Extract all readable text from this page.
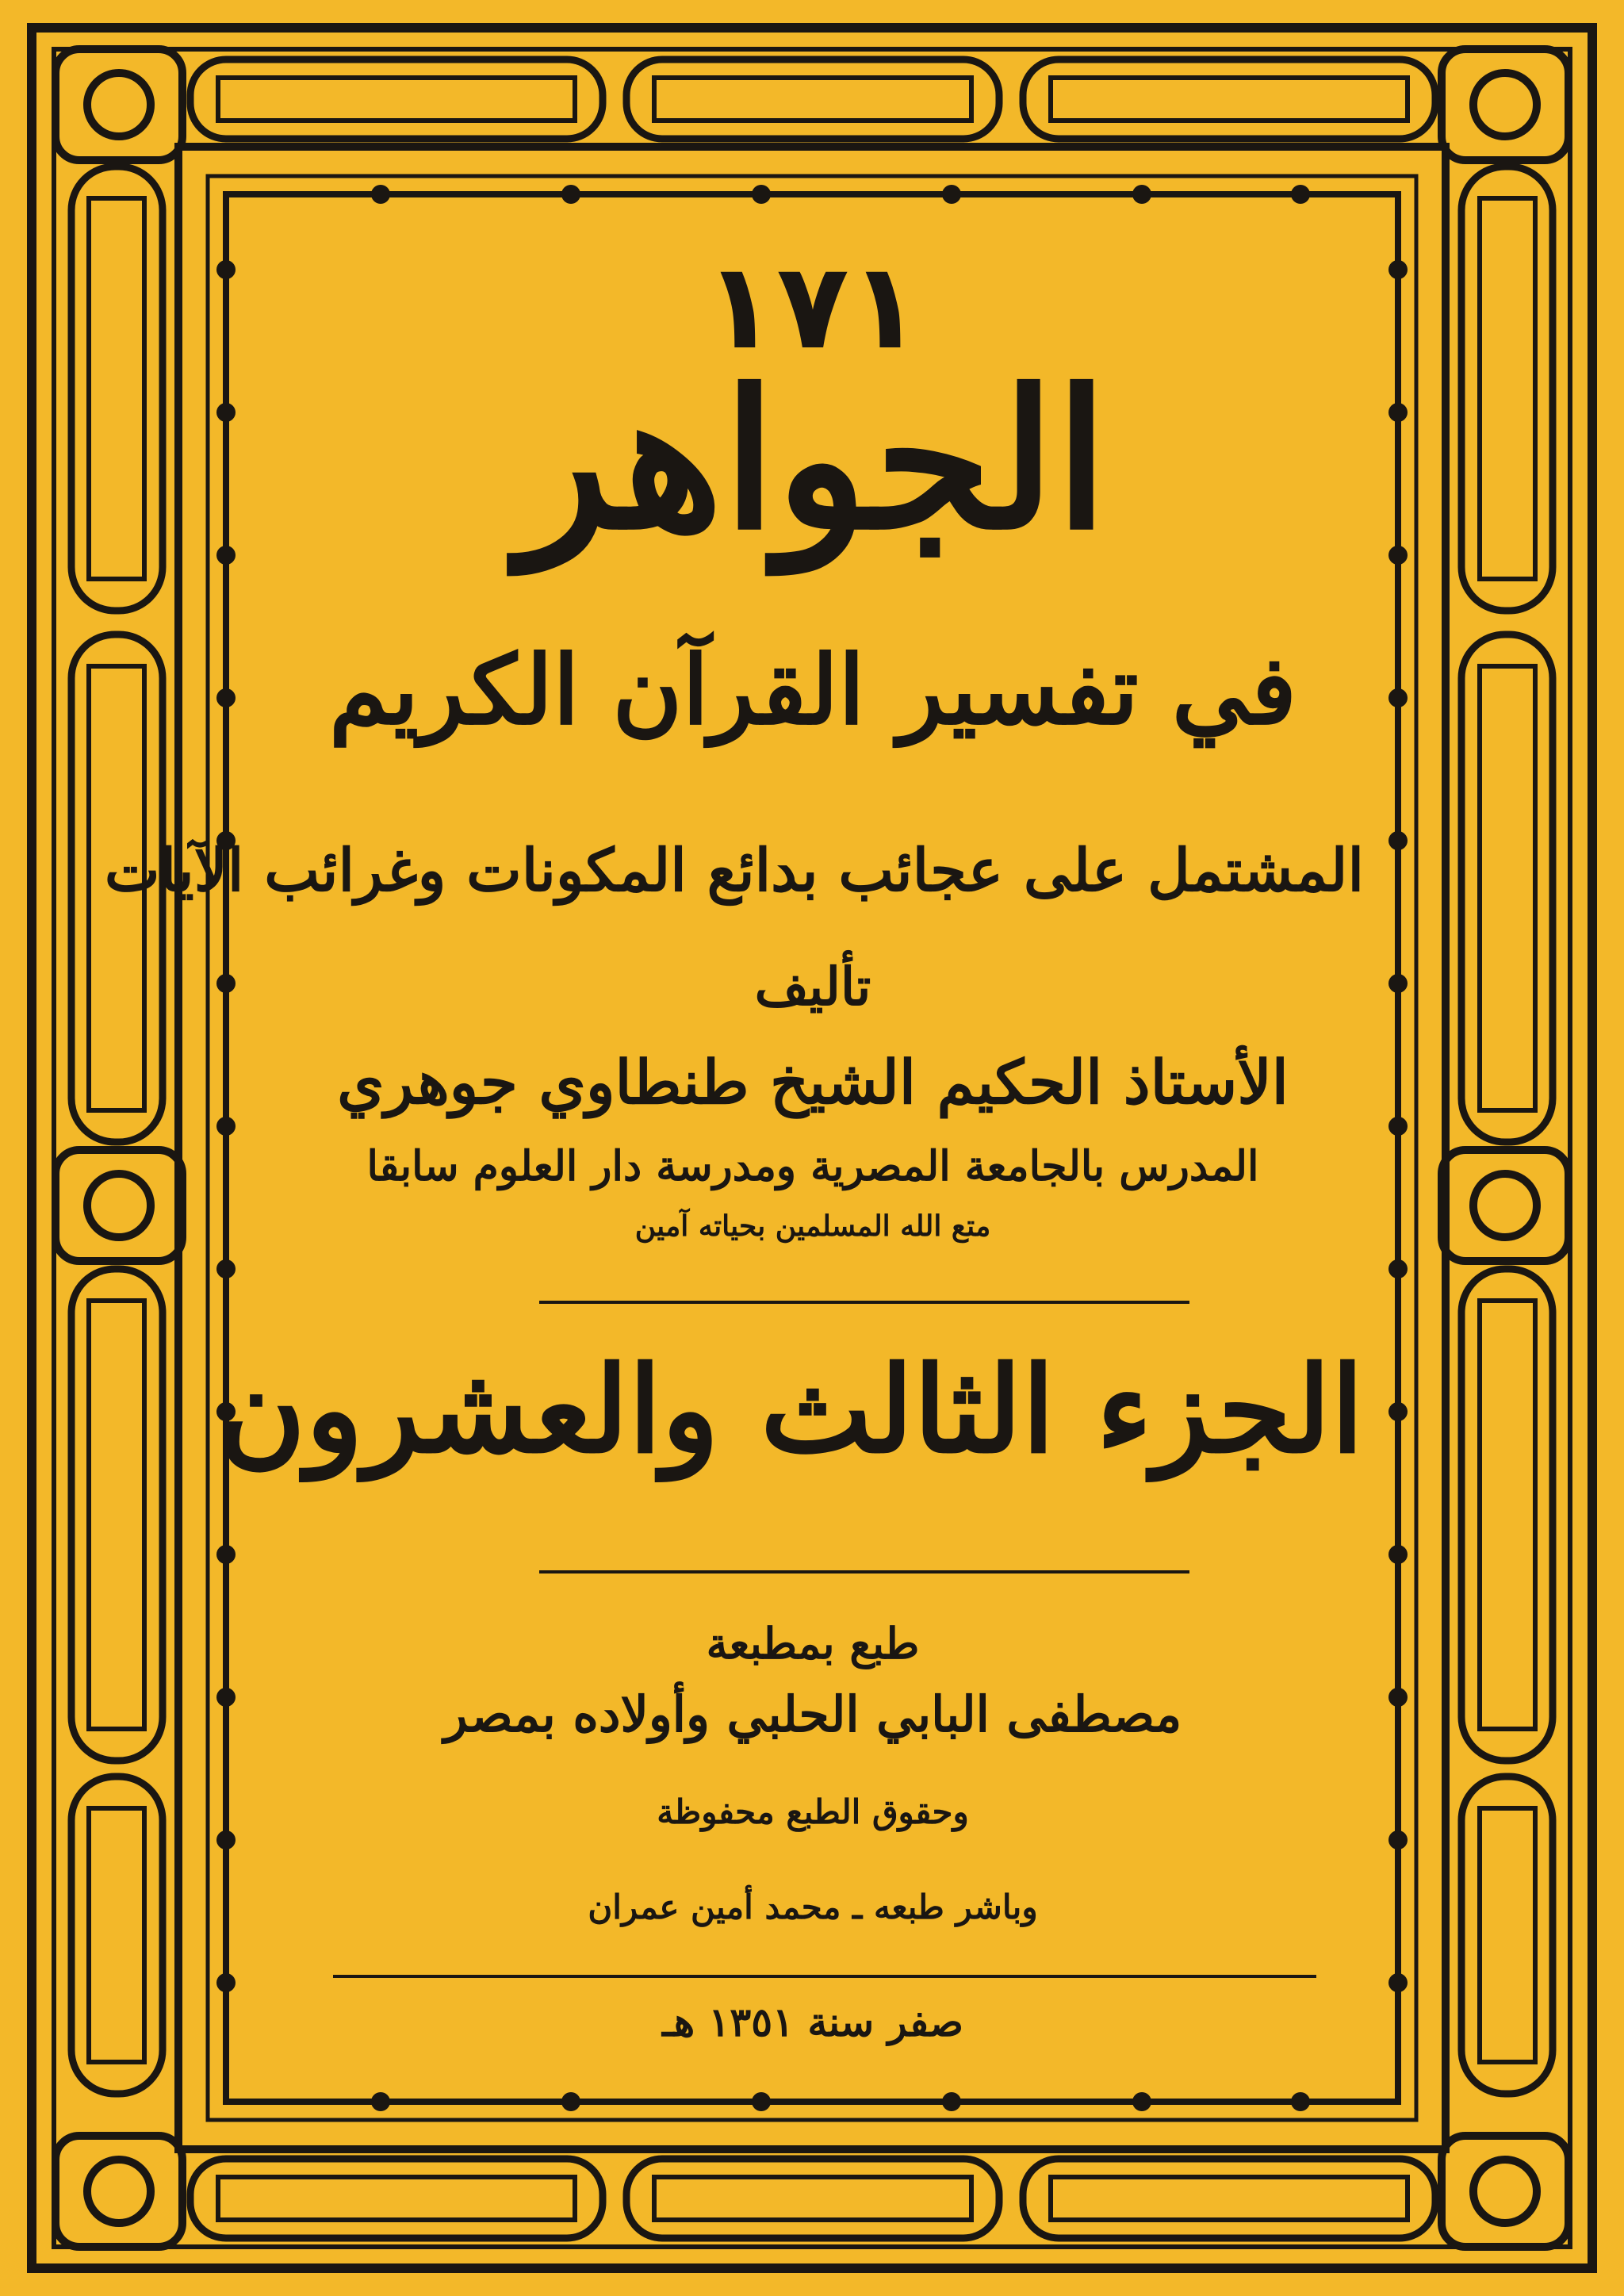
١٧١
الجواهر
في تفسير القرآن الكريم
المشتمل على عجائب بدائع المكونات وغرائب الآيات
تأليف
الأستاذ الحكيم الشيخ طنطاوي جوهري
المدرس بالجامعة المصرية ومدرسة دار العلوم سابقا
متع الله المسلمين بحياته آمين
الجزء الثالث والعشرون
طبع بمطبعة
مصطفى البابي الحلبي وأولاده بمصر
وحقوق الطبع محفوظة
وباشر طبعه ـ محمد أمين عمران
صفر سنة ١٣٥١ هـ
